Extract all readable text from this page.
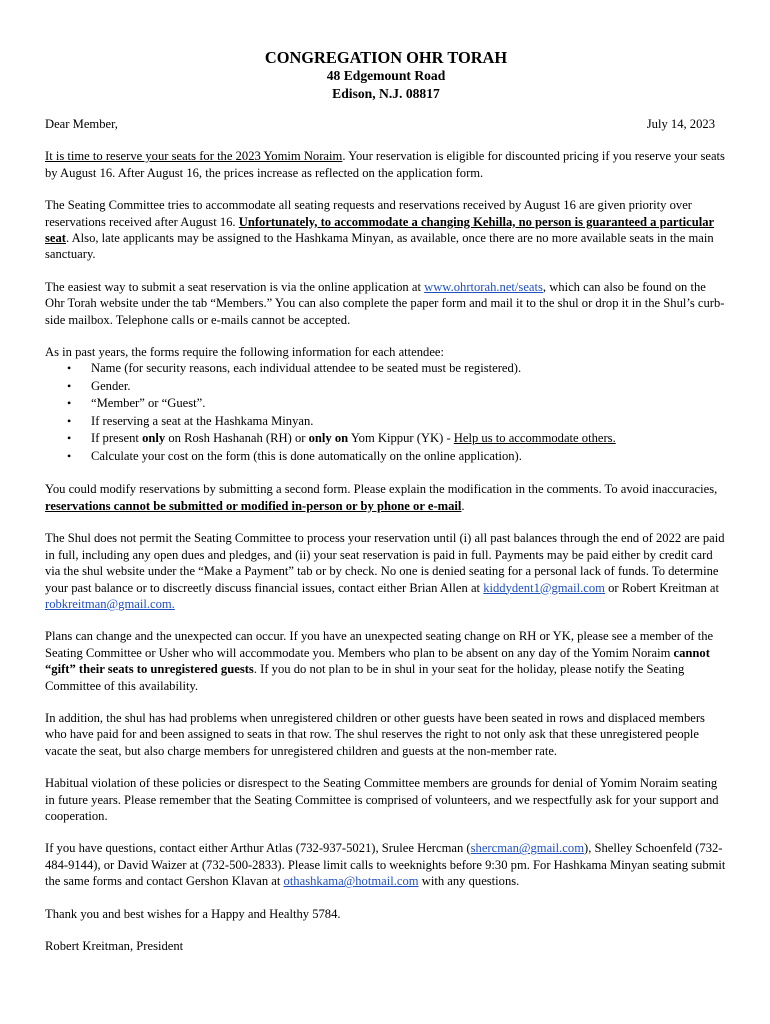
CONGREGATION OHR TORAH

48 Edgemount Road

Edison, N.J. 08817

Dear Member,	July 14, 2023

It is time to reserve your seats for the 2023 Yomim Noraim. Your reservation is eligible for discounted pricing if you reserve your seats by August 16. After August 16, the prices increase as reflected on the application form.

The Seating Committee tries to accommodate all seating requests and reservations received by August 16 are given priority over reservations received after August 16. Unfortunately, to accommodate a changing Kehilla, no person is guaranteed a particular seat. Also, late applicants may be assigned to the Hashkama Minyan, as available, once there are no more available seats in the main sanctuary.

The easiest way to submit a seat reservation is via the online application at www.ohrtorah.net/seats, which can also be found on the Ohr Torah website under the tab “Members.” You can also complete the paper form and mail it to the shul or drop it in the Shul’s curb-side mailbox. Telephone calls or e-mails cannot be accepted.

As in past years, the forms require the following information for each attendee:

• Name (for security reasons, each individual attendee to be seated must be registered).
• Gender.
• “Member” or “Guest”.
• If reserving a seat at the Hashkama Minyan.
• If present only on Rosh Hashanah (RH) or only on Yom Kippur (YK) - Help us to accommodate others.
• Calculate your cost on the form (this is done automatically on the online application).

You could modify reservations by submitting a second form. Please explain the modification in the comments. To avoid inaccuracies, reservations cannot be submitted or modified in-person or by phone or e-mail.

The Shul does not permit the Seating Committee to process your reservation until (i) all past balances through the end of 2022 are paid in full, including any open dues and pledges, and (ii) your seat reservation is paid in full. Payments may be paid either by credit card via the shul website under the “Make a Payment” tab or by check. No one is denied seating for a personal lack of funds. To determine your past balance or to discreetly discuss financial issues, contact either Brian Allen at kiddydent1@gmail.com or Robert Kreitman at robkreitman@gmail.com.

Plans can change and the unexpected can occur. If you have an unexpected seating change on RH or YK, please see a member of the Seating Committee or Usher who will accommodate you. Members who plan to be absent on any day of the Yomim Noraim cannot “gift” their seats to unregistered guests. If you do not plan to be in shul in your seat for the holiday, please notify the Seating Committee of this availability.

In addition, the shul has had problems when unregistered children or other guests have been seated in rows and displaced members who have paid for and been assigned to seats in that row. The shul reserves the right to not only ask that these unregistered people vacate the seat, but also charge members for unregistered children and guests at the non-member rate.

Habitual violation of these policies or disrespect to the Seating Committee members are grounds for denial of Yomim Noraim seating in future years. Please remember that the Seating Committee is comprised of volunteers, and we respectfully ask for your support and cooperation.

If you have questions, contact either Arthur Atlas (732-937-5021), Srulee Hercman (shercman@gmail.com), Shelley Schoenfeld (732-484-9144), or David Waizer at (732-500-2833). Please limit calls to weeknights before 9:30 pm. For Hashkama Minyan seating submit the same forms and contact Gershon Klavan at othashkama@hotmail.com with any questions.

Thank you and best wishes for a Happy and Healthy 5784.

Robert Kreitman, President
